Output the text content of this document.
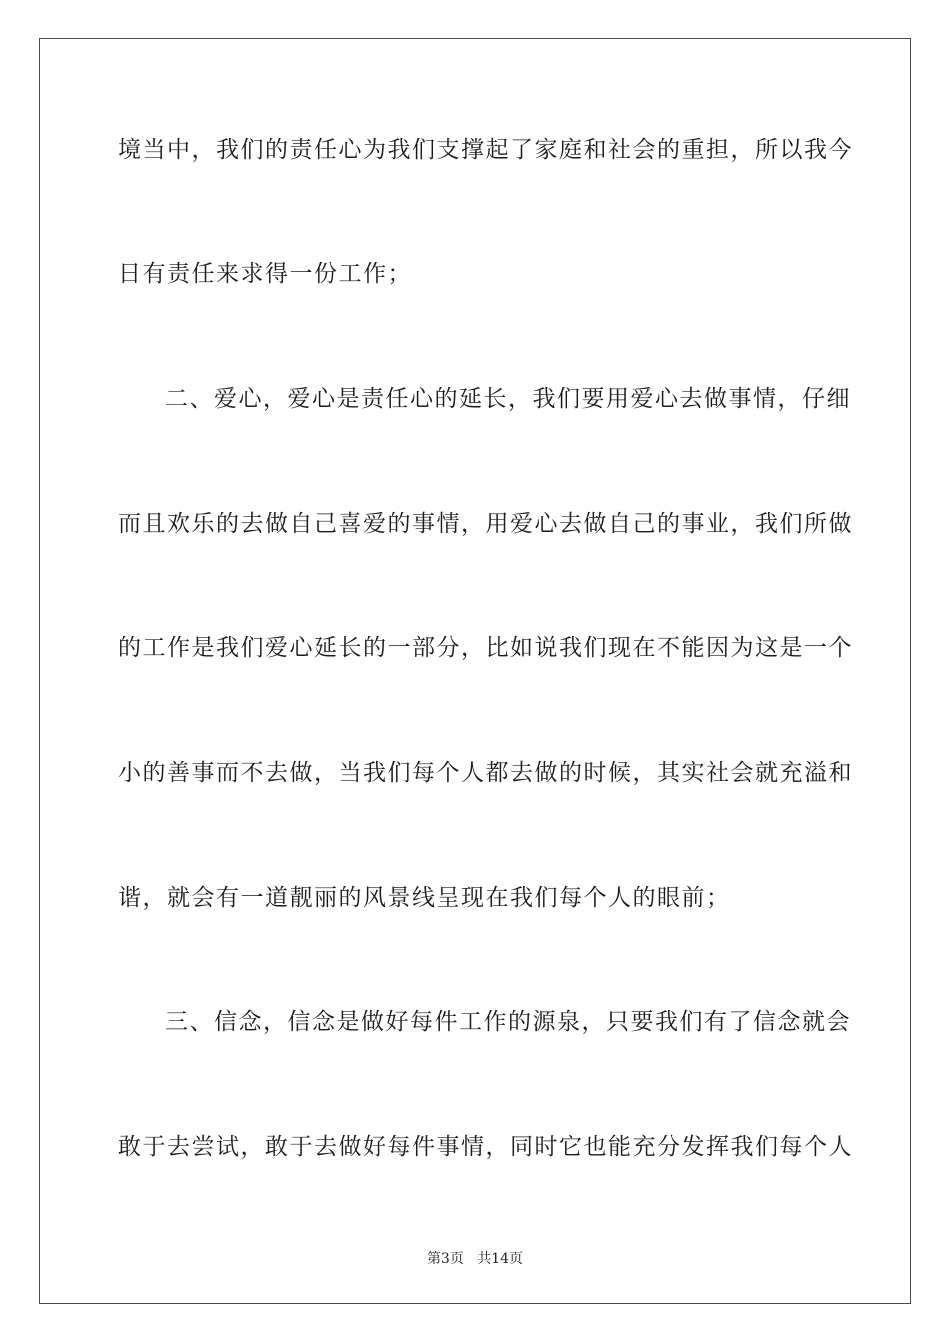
境当中，我们的责任心为我们支撑起了家庭和社会的重担，所以我今

日有责任来求得一份工作；

二、爱心，爱心是责任心的延长，我们要用爱心去做事情，仔细

而且欢乐的去做自己喜爱的事情，用爱心去做自己的事业，我们所做

的工作是我们爱心延长的一部分，比如说我们现在不能因为这是一个

小的善事而不去做，当我们每个人都去做的时候，其实社会就充溢和

谐，就会有一道靓丽的风景线呈现在我们每个人的眼前；

三、信念，信念是做好每件工作的源泉，只要我们有了信念就会

敢于去尝试，敢于去做好每件事情，同时它也能充分发挥我们每个人

第3页 共14页
